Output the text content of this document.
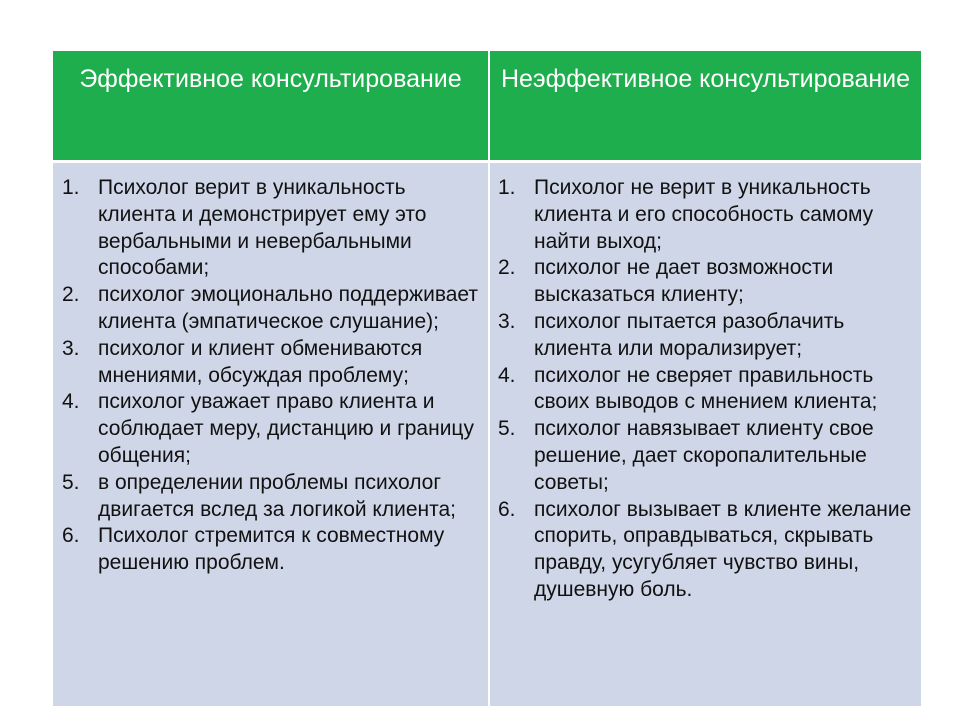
Эффективное консультирование	Неэффективное консультирование
1. Психолог верит в уникальность клиента и демонстрирует ему это вербальными и невербальными способами;
2. психолог эмоционально поддерживает клиента (эмпатическое слушание);
3. психолог и клиент обмениваются мнениями, обсуждая проблему;
4. психолог уважает право клиента и соблюдает меру, дистанцию и границу общения;
5. в определении проблемы психолог двигается вслед за логикой клиента;
6. Психолог стремится к совместному решению проблем.
1. Психолог не верит в уникальность клиента и его способность самому найти выход;
2. психолог не дает возможности высказаться клиенту;
3. психолог пытается разоблачить клиента или морализирует;
4. психолог не сверяет правильность своих выводов с мнением клиента;
5. психолог навязывает клиенту свое решение, дает скоропалительные советы;
6. психолог вызывает в клиенте желание спорить, оправдываться, скрывать правду, усугубляет чувство вины, душевную боль.
